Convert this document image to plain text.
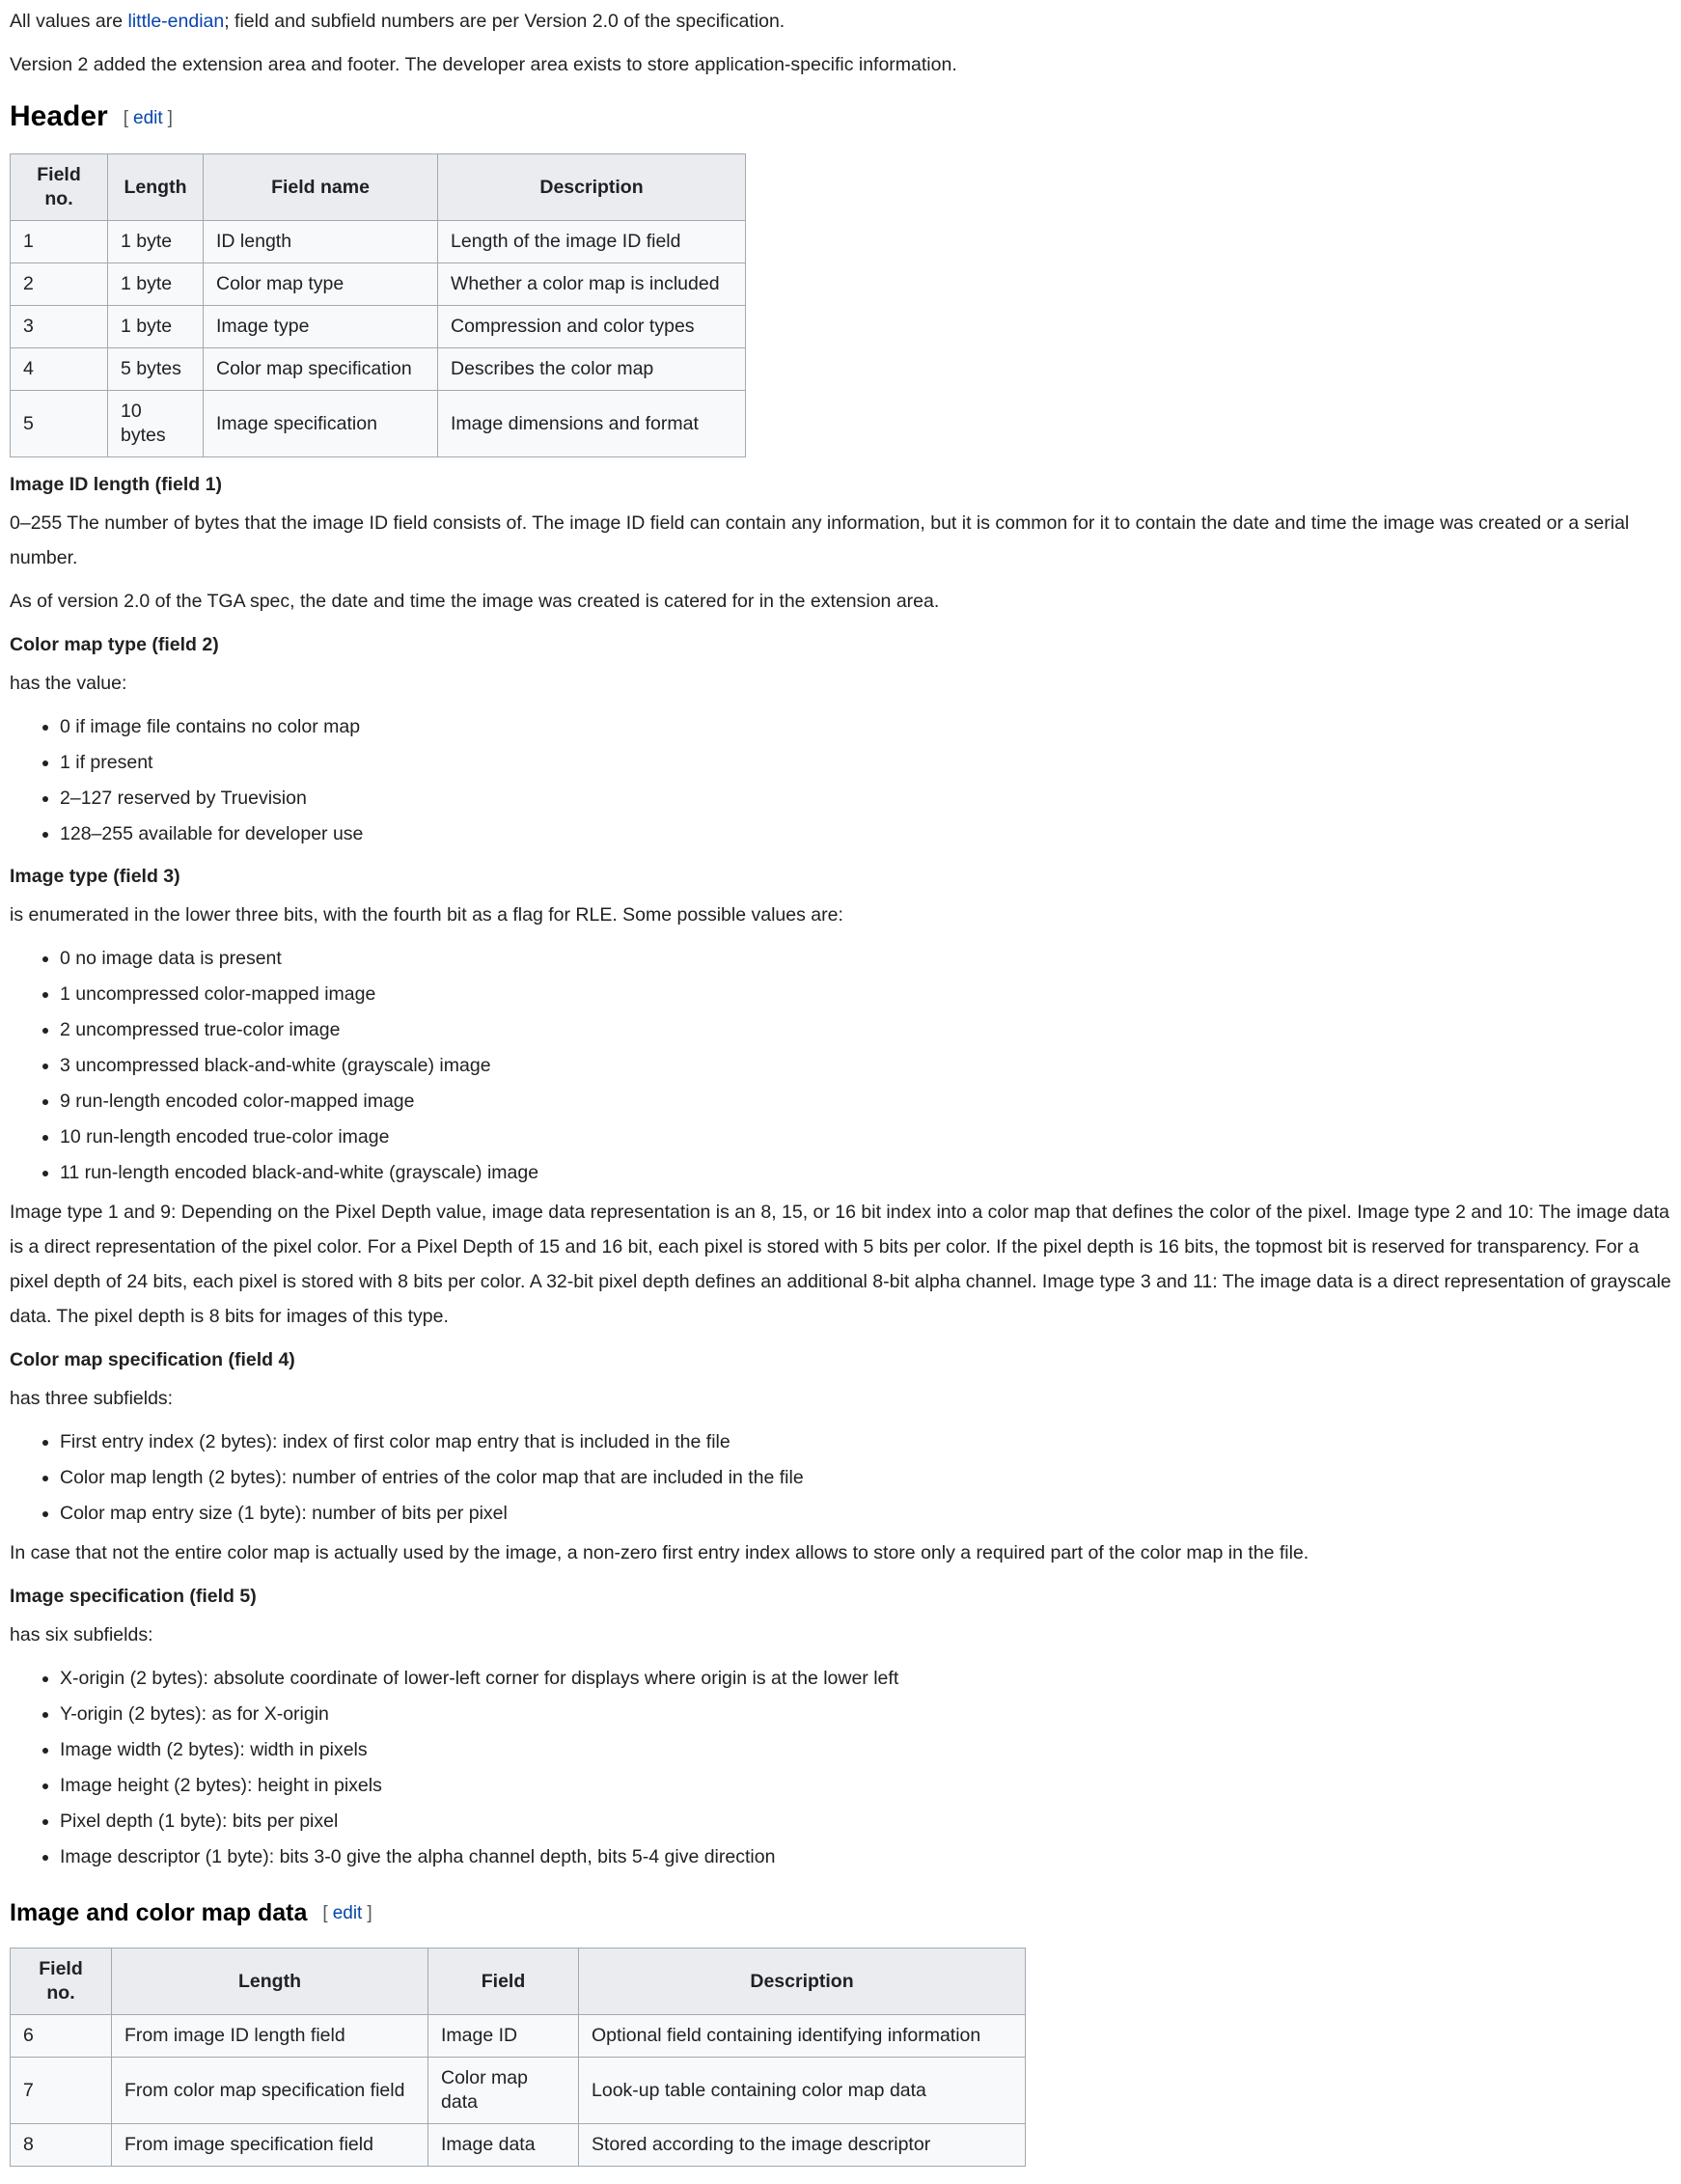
All values are little-endian; field and subfield numbers are per Version 2.0 of the specification.

Version 2 added the extension area and footer. The developer area exists to store application-specific information.

Header [ edit ]
Field no.	Length	Field name	Description
1	1 byte	ID length	Length of the image ID field
2	1 byte	Color map type	Whether a color map is included
3	1 byte	Image type	Compression and color types
4	5 bytes	Color map specification	Describes the color map
5	10 bytes	Image specification	Image dimensions and format
Image ID length (field 1)

0–255 The number of bytes that the image ID field consists of. The image ID field can contain any information, but it is common for it to contain the date and time the image was created or a serial number.

As of version 2.0 of the TGA spec, the date and time the image was created is catered for in the extension area.

Color map type (field 2)

has the value:

• 0 if image file contains no color map
• 1 if present
• 2–127 reserved by Truevision
• 128–255 available for developer use
Image type (field 3)

is enumerated in the lower three bits, with the fourth bit as a flag for RLE. Some possible values are:

• 0 no image data is present
• 1 uncompressed color-mapped image
• 2 uncompressed true-color image
• 3 uncompressed black-and-white (grayscale) image
• 9 run-length encoded color-mapped image
• 10 run-length encoded true-color image
• 11 run-length encoded black-and-white (grayscale) image

Image type 1 and 9: Depending on the Pixel Depth value, image data representation is an 8, 15, or 16 bit index into a color map that defines the color of the pixel. Image type 2 and 10: The image data is a direct representation of the pixel color. For a Pixel Depth of 15 and 16 bit, each pixel is stored with 5 bits per color. If the pixel depth is 16 bits, the topmost bit is reserved for transparency. For a pixel depth of 24 bits, each pixel is stored with 8 bits per color. A 32-bit pixel depth defines an additional 8-bit alpha channel. Image type 3 and 11: The image data is a direct representation of grayscale data. The pixel depth is 8 bits for images of this type.

Color map specification (field 4)

has three subfields:

• First entry index (2 bytes): index of first color map entry that is included in the file
• Color map length (2 bytes): number of entries of the color map that are included in the file
• Color map entry size (1 byte): number of bits per pixel

In case that not the entire color map is actually used by the image, a non-zero first entry index allows to store only a required part of the color map in the file.

Image specification (field 5)

has six subfields:

• X-origin (2 bytes): absolute coordinate of lower-left corner for displays where origin is at the lower left
• Y-origin (2 bytes): as for X-origin
• Image width (2 bytes): width in pixels
• Image height (2 bytes): height in pixels
• Pixel depth (1 byte): bits per pixel
• Image descriptor (1 byte): bits 3-0 give the alpha channel depth, bits 5-4 give direction
Image and color map data [ edit ]
Field no.	Length	Field	Description
6	From image ID length field	Image ID	Optional field containing identifying information
7	From color map specification field	Color map data	Look-up table containing color map data
8	From image specification field	Image data	Stored according to the image descriptor
